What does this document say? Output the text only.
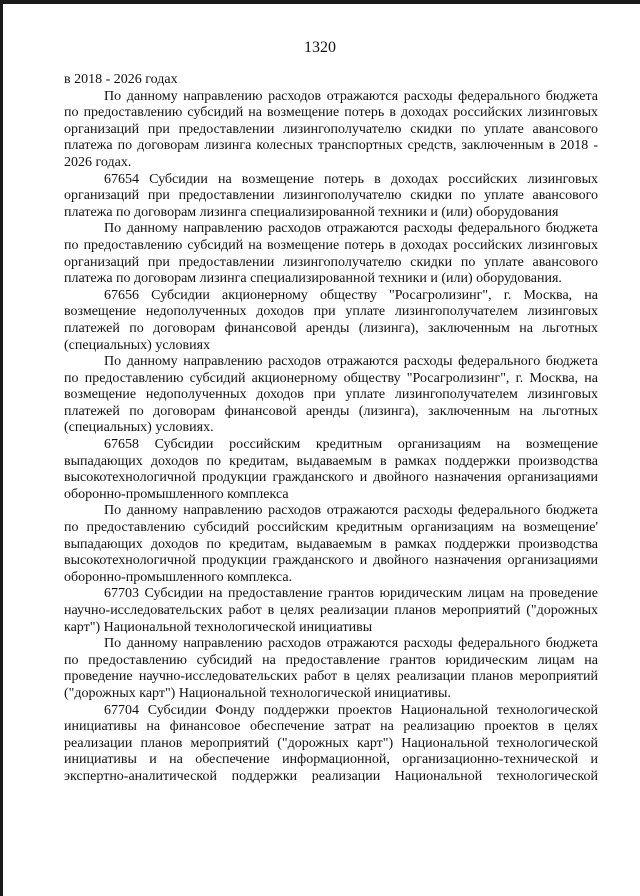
1320

в 2018 - 2026 годах

По данному направлению расходов отражаются расходы федерального бюджета по предоставлению субсидий на возмещение потерь в доходах российских лизинговых организаций при предоставлении лизингополучателю скидки по уплате авансового платежа по договорам лизинга колесных транспортных средств, заключенным в 2018 - 2026 годах.

67654 Субсидии на возмещение потерь в доходах российских лизинговых организаций при предоставлении лизингополучателю скидки по уплате авансового платежа по договорам лизинга специализированной техники и (или) оборудования

По данному направлению расходов отражаются расходы федерального бюджета по предоставлению субсидий на возмещение потерь в доходах российских лизинговых организаций при предоставлении лизингополучателю скидки по уплате авансового платежа по договорам лизинга специализированной техники и (или) оборудования.

67656 Субсидии акционерному обществу "Росагролизинг", г. Москва, на возмещение недополученных доходов при уплате лизингополучателем лизинговых платежей по договорам финансовой аренды (лизинга), заключенным на льготных (специальных) условиях

По данному направлению расходов отражаются расходы федерального бюджета по предоставлению субсидий акционерному обществу "Росагролизинг", г. Москва, на возмещение недополученных доходов при уплате лизингополучателем лизинговых платежей по договорам финансовой аренды (лизинга), заключенным на льготных (специальных) условиях.

67658 Субсидии российским кредитным организациям на возмещение выпадающих доходов по кредитам, выдаваемым в рамках поддержки производства высокотехнологичной продукции гражданского и двойного назначения организациями оборонно-промышленного комплекса

По данному направлению расходов отражаются расходы федерального бюджета по предоставлению субсидий российским кредитным организациям на возмещение' выпадающих доходов по кредитам, выдаваемым в рамках поддержки производства высокотехнологичной продукции гражданского и двойного назначения организациями оборонно-промышленного комплекса.

67703 Субсидии на предоставление грантов юридическим лицам на проведение научно-исследовательских работ в целях реализации планов мероприятий ("дорожных карт") Национальной технологической инициативы

По данному направлению расходов отражаются расходы федерального бюджета по предоставлению субсидий на предоставление грантов юридическим лицам на проведение научно-исследовательских работ в целях реализации планов мероприятий ("дорожных карт") Национальной технологической инициативы.

67704 Субсидии Фонду поддержки проектов Национальной технологической инициативы на финансовое обеспечение затрат на реализацию проектов в целях реализации планов мероприятий ("дорожных карт") Национальной технологической инициативы и на обеспечение информационной, организационно-технической и экспертно-аналитической поддержки реализации Национальной технологической
